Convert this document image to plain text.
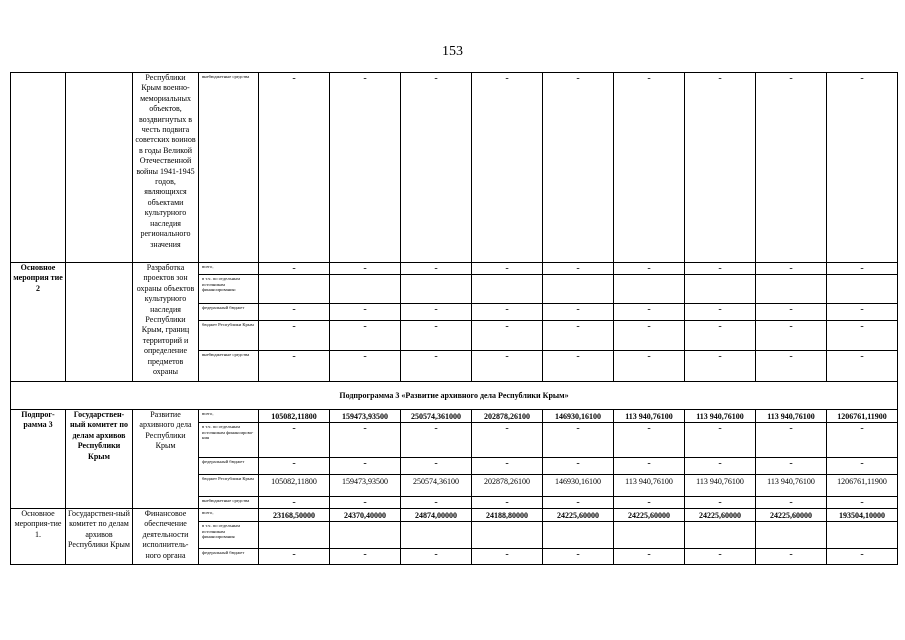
153
		Республики Крым военно-мемориальных объектов, воздвигнутых в честь подвига советских воинов в годы Великой Отечественной войны 1941-1945 годов, являющихся объектами культурного наследия регионального значения	внебюджетные средства	-	-	-	-	-	-	-	-	-
Основное мероприя тие 2		Разработка проектов зон охраны объектов культурного наследия Республики Крым, границ территорий и определение предметов охраны	всего,	-	-	-	-	-	-	-	-	-
			в т.ч. по отдельным источникам финансирования:									
			федеральный бюджет	-	-	-	-	-	-	-	-	-
			бюджет Республики Крым	-	-	-	-	-	-	-	-	-
			внебюджетные средства	-	-	-	-	-	-	-	-	-
Подпрограмма 3 «Развитие архивного дела Республики Крым»												
Подпрог-рамма 3	Государствен-ный комитет по делам архивов Республики Крым	Развитие архивного дела Республики Крым	всего,	105082,11800	159473,93500	250574,361000	202878,26100	146930,16100	113 940,76100	113 940,76100	113 940,76100	1206761,11900
			в т.ч. по отдельным источникам финансирова-ния	-	-	-	-	-	-	-	-	-
			федеральный бюджет	-	-	-	-	-	-	-	-	-
			бюджет Республики Крым	105082,11800	159473,93500	250574,36100	202878,26100	146930,16100	113 940,76100	113 940,76100	113 940,76100	1206761,11900
			внебюджетные средства	-	-	-	-	-	-	-	-	-
Основное мероприя-тие 1.	Государствен-ный комитет по делам архивов Республики Крым	Финансовое обеспечение деятельности исполнитель-ного органа	всего,	23168,50000	24370,40000	24874,00000	24188,80000	24225,60000	24225,60000	24225,60000	24225,60000	193504,10000
			в т.ч. по отдельным источникам финансирования									
			федеральный бюджет	-	-	-	-	-	-	-	-	-
